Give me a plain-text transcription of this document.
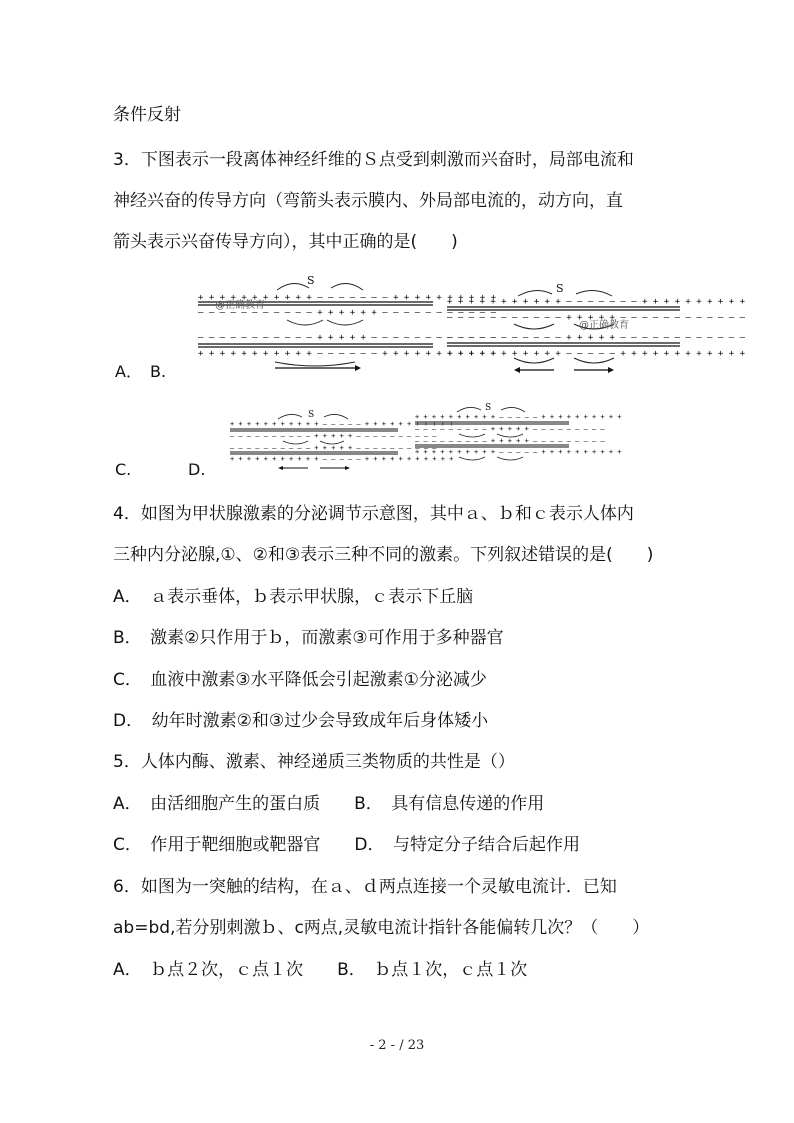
条件反射
3．下图表示一段离体神经纤维的Ｓ点受到刺激而兴奋时，局部电流和
神经兴奋的传导方向（弯箭头表示膜内、外局部电流的，动方向，直
箭头表示兴奋传导方向），其中正确的是(　　)
S
+ + + + + + + + + + + — — — — — — — + + + + + + + + + +
@正确教育
— — — — — — — — — — — + + + + + + — — — — — — — — — — —
— — — — — — — — — — — + + + + + — — — — — — — — — — — —
+ + + + + + + + + + + — — — — — — + + + + + + + + + + +
S
+ + + + + + + + + + + — — — — — — — + + + + + + + + + +
— — — — — — — — — — — + + + + + — — — — — — — — — — — —
@正确教育
— — — — — — — — — — — + + + + + — — — — — — — — — — — —
+ + + + + + + + + + + — — — — — + + + + + + + + + + + +
A． B.
S
+ + + + + + + + + + + — — — — — + + + + + + + + + + +
— — — — — — — — — — + + + + + — — — — — — — — — —
— — — — — — — — — — + + + + + — — — — — — — — — —
+ + + + + + + + + + + — — — — — + + + + + + + + + + +
S
+ + + + + + + + + + — — — — — + + + + + + + + + +
— — — — — — — — — + + + + + — — — — — — — — —
— — — — — — — — — + + + + + — — — — — — — — —
+ + + + + + + + + + — — — — — + + + + + + + + + +
C.	D.
4．如图为甲状腺激素的分泌调节示意图，其中ａ、ｂ和ｃ表示人体内
三种内分泌腺,①、②和③表示三种不同的激素。下列叙述错误的是(　　)
A．　ａ表示垂体，ｂ表示甲状腺，ｃ表示下丘脑
B．　激素②只作用于ｂ，而激素③可作用于多种器官
C．　血液中激素③水平降低会引起激素①分泌减少
D．　幼年时激素②和③过少会导致成年后身体矮小
5．人体内酶、激素、神经递质三类物质的共性是（）
A．　由活细胞产生的蛋白质　　B．　具有信息传递的作用
C．　作用于靶细胞或靶器官　　D．　与特定分子结合后起作用
6．如图为一突触的结构，在ａ、ｄ两点连接一个灵敏电流计．已知
ab=bd,若分别刺激ｂ、c两点,灵敏电流计指针各能偏转几次？（　　）
A．　ｂ点２次，ｃ点１次　　B．　ｂ点１次，ｃ点１次
- 2 - / 23
